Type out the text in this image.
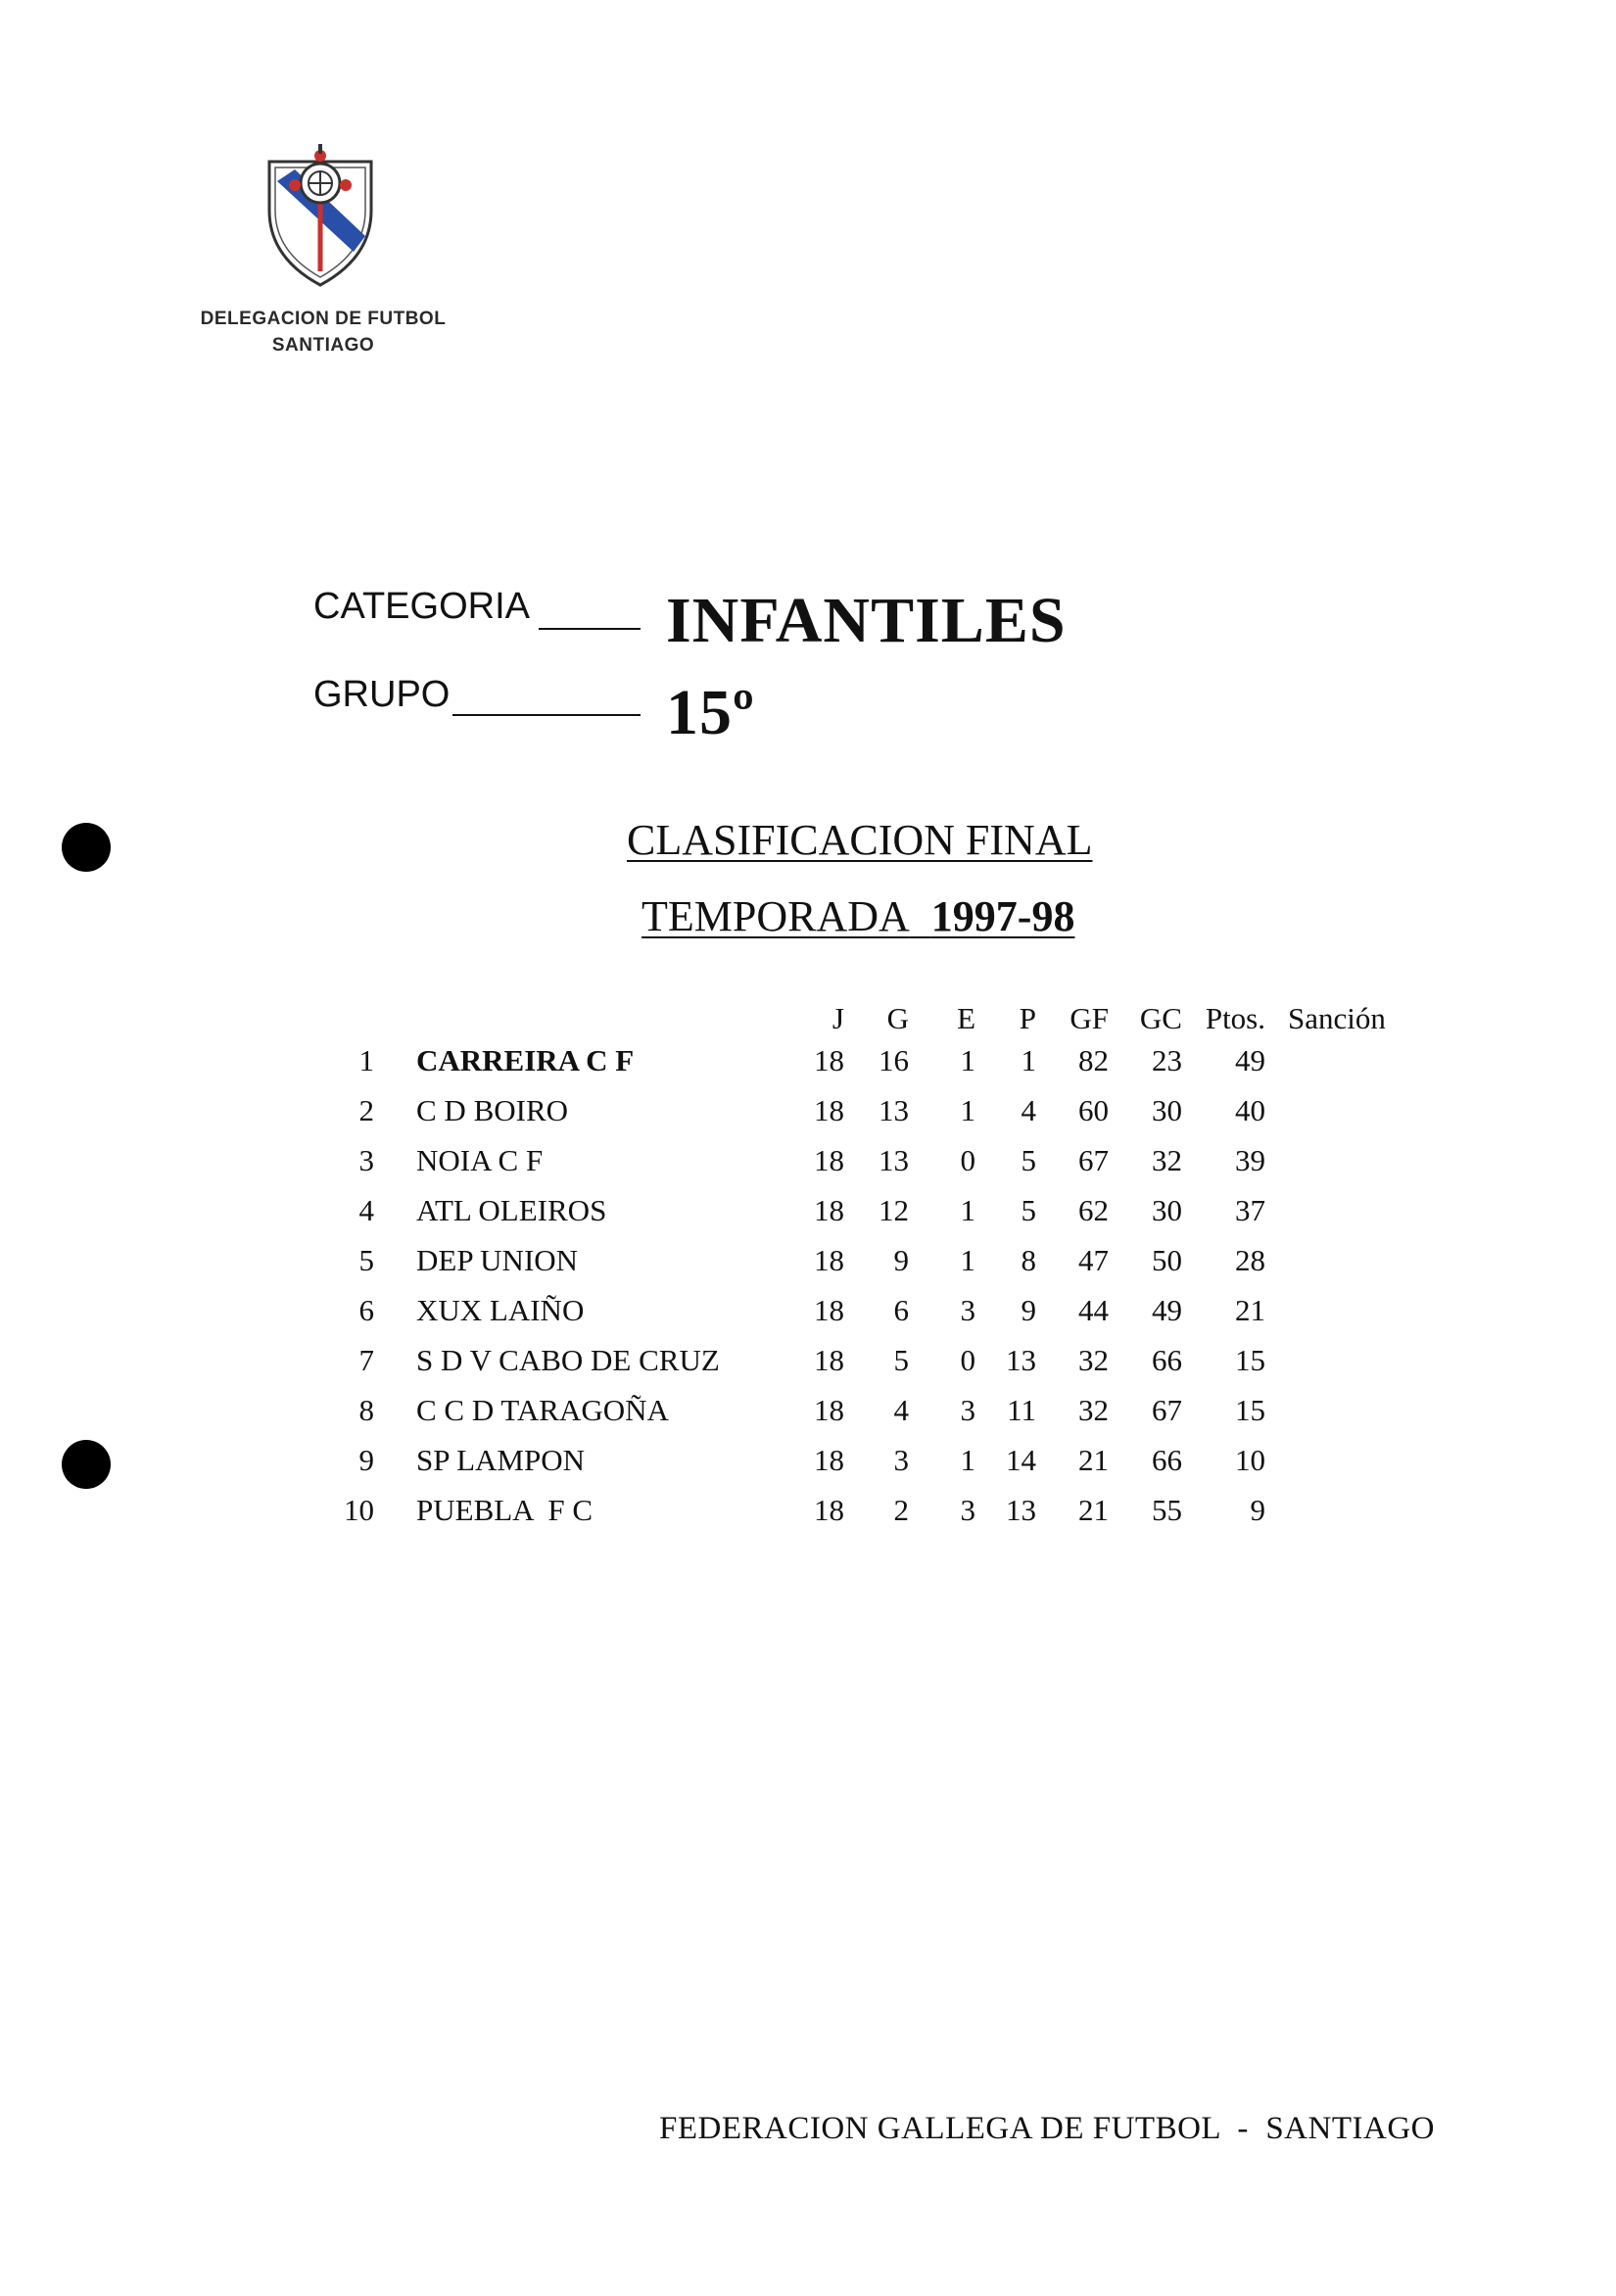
DELEGACION DE FUTBOL
SANTIAGO
CATEGORIA INFANTILES
GRUPO	15º
CLASIFICACION FINAL
TEMPORADA 1997-98
J	G	E	P	GF	GC Ptos. Sanción
1 CARREIRA C F	18	16	1	1	82	23	49
2 C D BOIRO	18	13	1	4	60	30	40
3 NOIA C F	18	13	0	5	67	32	39
4 ATL OLEIROS	18	12	1	5	62	30	37
5 DEP UNION	18	9	1	8	47	50	28
6 XUX LAIÑO	18	6	3	9	44	49	21
7 S D V CABO DE CRUZ	18	5	0	13	32	66	15
8 C C D TARAGOÑA	18	4	3	11	32	67	15
9 SP LAMPON	18	3	1	14	21	66	10
10 PUEBLA  F C	18	2	3	13	21	55	9
FEDERACION GALLEGA DE FUTBOL  -  SANTIAGO
